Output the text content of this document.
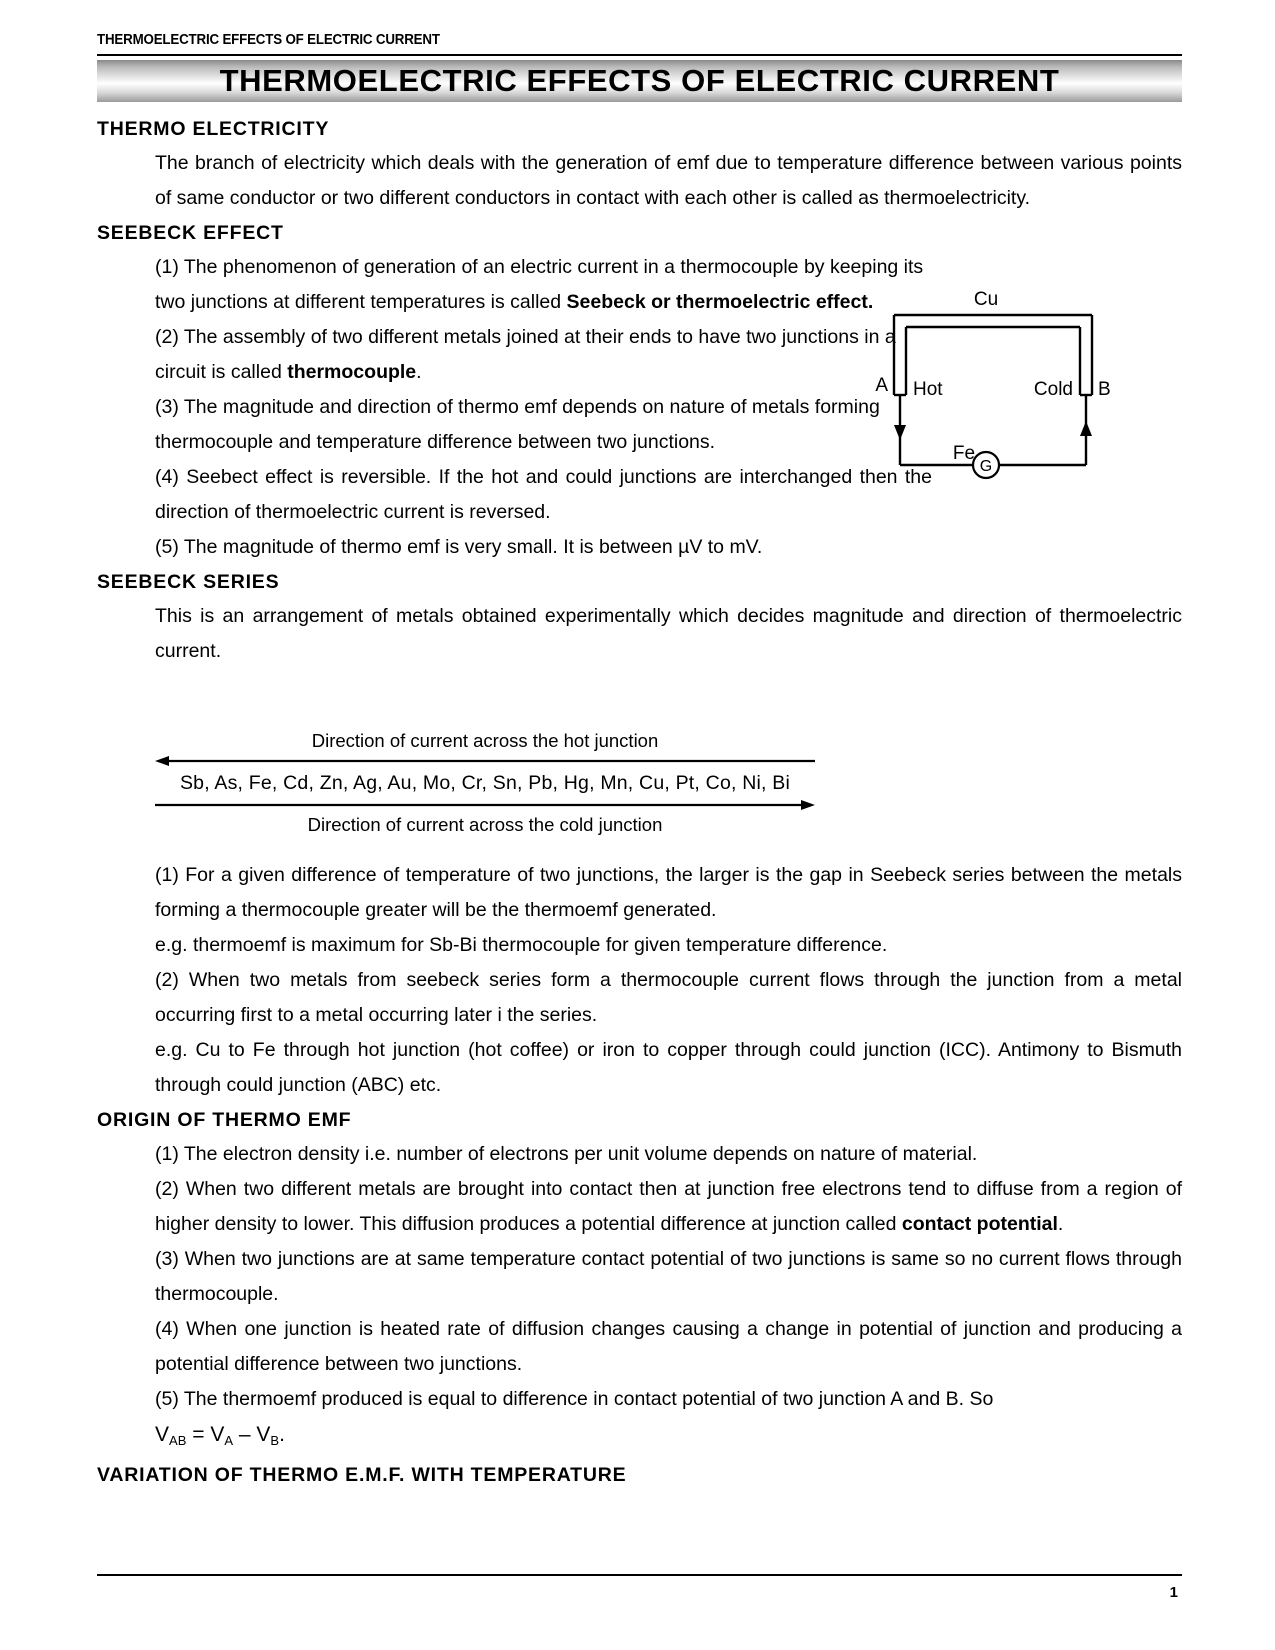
THERMOELECTRIC EFFECTS OF ELECTRIC CURRENT
THERMOELECTRIC EFFECTS OF ELECTRIC CURRENT
THERMO ELECTRICITY

The branch of electricity which deals with the generation of emf due to temperature difference between various points of same conductor or two different conductors in contact with each other is called as thermoelectricity.

SEEBECK EFFECT

(1) The phenomenon of generation of an electric current in a thermocouple by keeping its two junctions at different temperatures is called Seebeck or thermoelectric effect.

(2) The assembly of two different metals joined at their ends to have two junctions in a circuit is called thermocouple.

(3) The magnitude and direction of thermo emf depends on nature of metals forming thermocouple and temperature difference between two junctions.

(4) Seebect effect is reversible. If the hot and could junctions are interchanged then the direction of thermoelectric current is reversed.

(5) The magnitude of thermo emf is very small. It is between µV to mV.

SEEBECK SERIES

This is an arrangement of metals obtained experimentally which decides magnitude and direction of thermoelectric current.

G
Cu
Fe
Hot	Cold
A	B
Direction of current across the hot junction
Sb, As, Fe, Cd, Zn, Ag, Au, Mo, Cr, Sn, Pb, Hg, Mn, Cu, Pt, Co, Ni, Bi
Direction of current across the cold junction

(1) For a given difference of temperature of two junctions, the larger is the gap in Seebeck series between the metals forming a thermocouple greater will be the thermoemf generated.

e.g. thermoemf is maximum for Sb-Bi thermocouple for given temperature difference.

(2) When two metals from seebeck series form a thermocouple current flows through the junction from a metal occurring first to a metal occurring later i the series.

e.g. Cu to Fe through hot junction (hot coffee) or iron to copper through could junction (ICC). Antimony to Bismuth through could junction (ABC) etc.

ORIGIN OF THERMO EMF

(1) The electron density i.e. number of electrons per unit volume depends on nature of material.

(2) When two different metals are brought into contact then at junction free electrons tend to diffuse from a region of higher density to lower. This diffusion produces a potential difference at junction called contact potential.

(3) When two junctions are at same temperature contact potential of two junctions is same so no current flows through thermocouple.

(4) When one junction is heated rate of diffusion changes causing a change in potential of junction and producing a potential difference between two junctions.

(5) The thermoemf produced is equal to difference in contact potential of two junction A and B. So

$V_{AB} = V_A - V_B$.

VARIATION OF THERMO E.M.F. WITH TEMPERATURE
1
